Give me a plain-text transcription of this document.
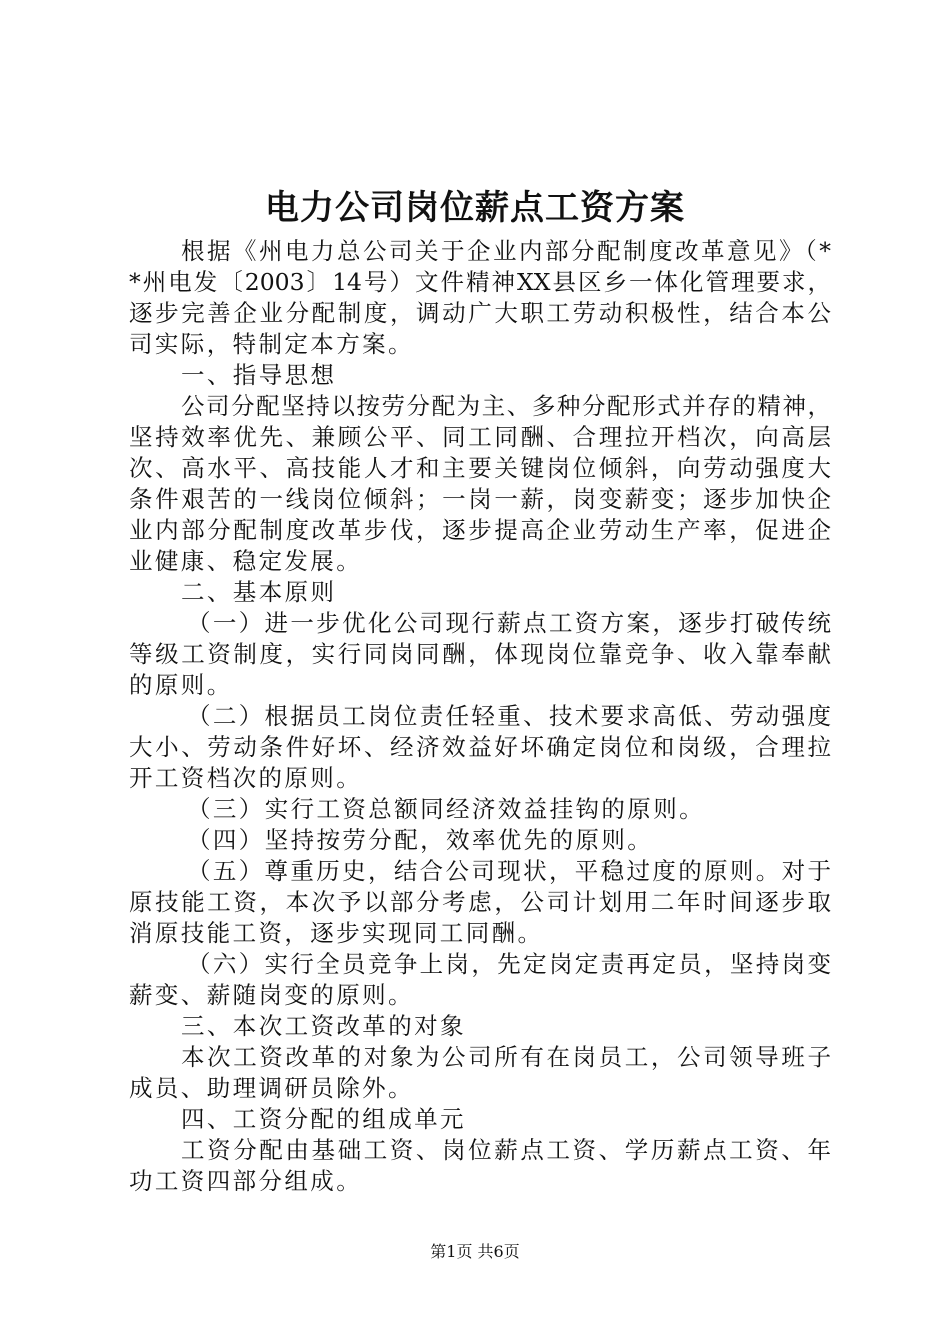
电力公司岗位薪点工资方案
根据《州电力总公司关于企业内部分配制度改革意见》（*
*州电发〔2003〕14号）文件精神XX县区乡一体化管理要求，
逐步完善企业分配制度，调动广大职工劳动积极性，结合本公
司实际，特制定本方案。
一、指导思想
公司分配坚持以按劳分配为主、多种分配形式并存的精神，
坚持效率优先、兼顾公平、同工同酬、合理拉开档次，向高层
次、高水平、高技能人才和主要关键岗位倾斜，向劳动强度大
条件艰苦的一线岗位倾斜；一岗一薪，岗变薪变；逐步加快企
业内部分配制度改革步伐，逐步提高企业劳动生产率，促进企
业健康、稳定发展。
二、基本原则
（一）进一步优化公司现行薪点工资方案，逐步打破传统
等级工资制度，实行同岗同酬，体现岗位靠竞争、收入靠奉献
的原则。
（二）根据员工岗位责任轻重、技术要求高低、劳动强度
大小、劳动条件好坏、经济效益好坏确定岗位和岗级，合理拉
开工资档次的原则。
（三）实行工资总额同经济效益挂钩的原则。
（四）坚持按劳分配，效率优先的原则。
（五）尊重历史，结合公司现状，平稳过度的原则。对于
原技能工资，本次予以部分考虑，公司计划用二年时间逐步取
消原技能工资，逐步实现同工同酬。
（六）实行全员竞争上岗，先定岗定责再定员，坚持岗变
薪变、薪随岗变的原则。
三、本次工资改革的对象
本次工资改革的对象为公司所有在岗员工，公司领导班子
成员、助理调研员除外。
四、工资分配的组成单元
工资分配由基础工资、岗位薪点工资、学历薪点工资、年
功工资四部分组成。
第1页 共6页
